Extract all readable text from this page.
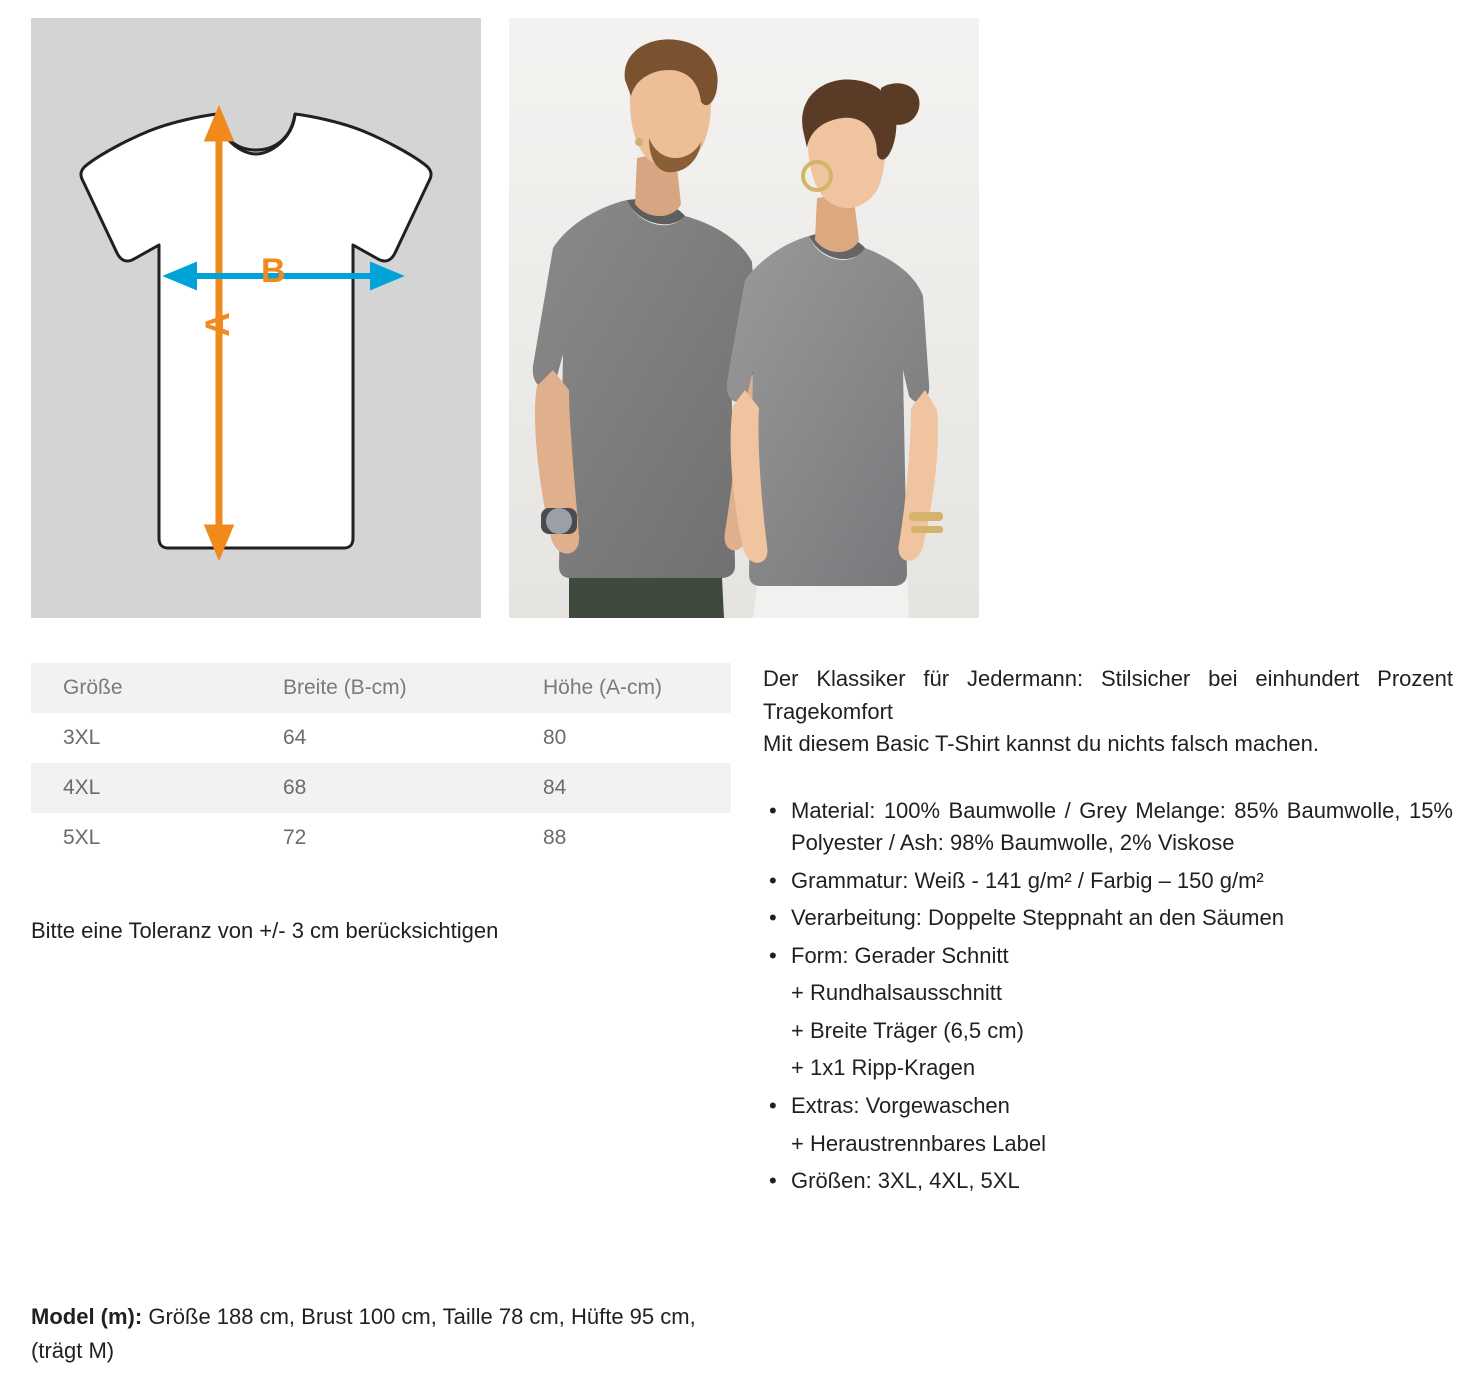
B
A
Größe	Breite (B-cm)	Höhe (A-cm)
3XL	64	80
4XL	68	84
5XL	72	88
Bitte eine Toleranz von +/- 3 cm berücksichtigen
Model (m): Größe 188 cm, Brust 100 cm, Taille 78 cm, Hüfte 95 cm, (trägt M)

Der Klassiker für Jedermann: Stilsicher bei einhundert Prozent Tragekomfort

Mit diesem Basic T-Shirt kannst du nichts falsch machen.

• Material: 100% Baumwolle / Grey Melange: 85% Baumwolle, 15% Polyester / Ash: 98% Baumwolle, 2% Viskose
• Grammatur: Weiß - 141 g/m² / Farbig – 150 g/m²
• Verarbeitung: Doppelte Steppnaht an den Säumen
• Form: Gerader Schnitt
+ Rundhalsausschnitt
+ Breite Träger (6,5 cm)
+ 1x1 Ripp-Kragen
• Extras: Vorgewaschen
+ Heraustrennbares Label
• Größen: 3XL, 4XL, 5XL
